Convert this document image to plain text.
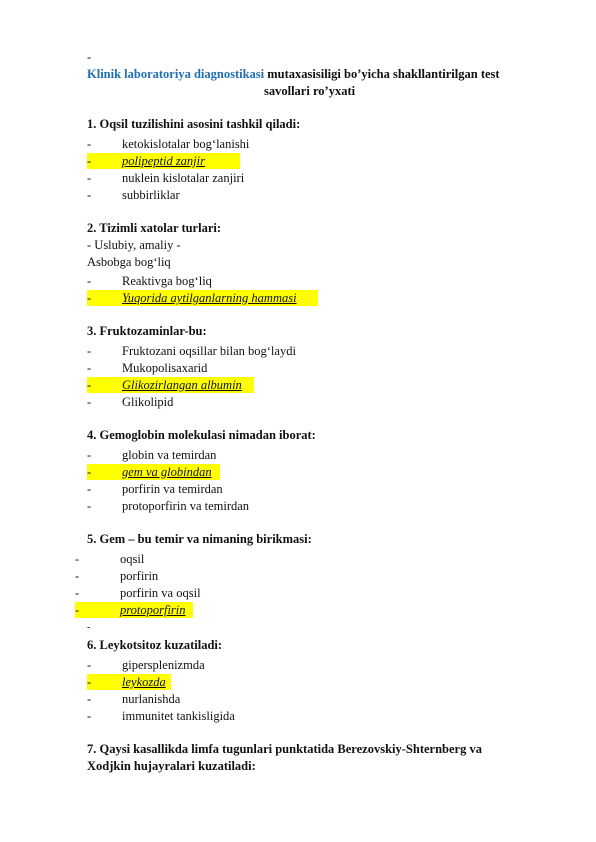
-
Klinik laboratoriya diagnostikasi mutaxasisiligi bo’yicha shakllantirilgan test
savollari ro’yxati
1. Oqsil tuzilishini asosini tashkil qiladi:
- ketokislotalar bog‘lanishi
- polipeptid zanjir
- nuklein kislotalar zanjiri
- subbirliklar
2. Tizimli xatolar turlari:
- Uslubiy, amaliy -
Asbobga bog‘liq
- Reaktivga bog‘liq
- Yuqorida aytilganlarning hammasi
3. Fruktozaminlar-bu:
- Fruktozani oqsillar bilan bog‘laydi
- Mukopolisaxarid
- Glikozirlangan albumin
- Glikolipid
4. Gemoglobin molekulasi nimadan iborat:
- globin va temirdan
- gem va globindan
- porfirin va temirdan
- protoporfirin va temirdan
5. Gem – bu temir va nimaning birikmasi:
-	oqsil
-	porfirin
-	porfirin va oqsil
-	protoporfirin
-
6. Leykotsitoz kuzatiladi:
- gipersplenizmda
- leykozda
- nurlanishda
- immunitet tankisligida
7. Qaysi kasallikda limfa tugunlari punktatida Berezovskiy-Shternberg va
Xodjkin hujayralari kuzatiladi:
